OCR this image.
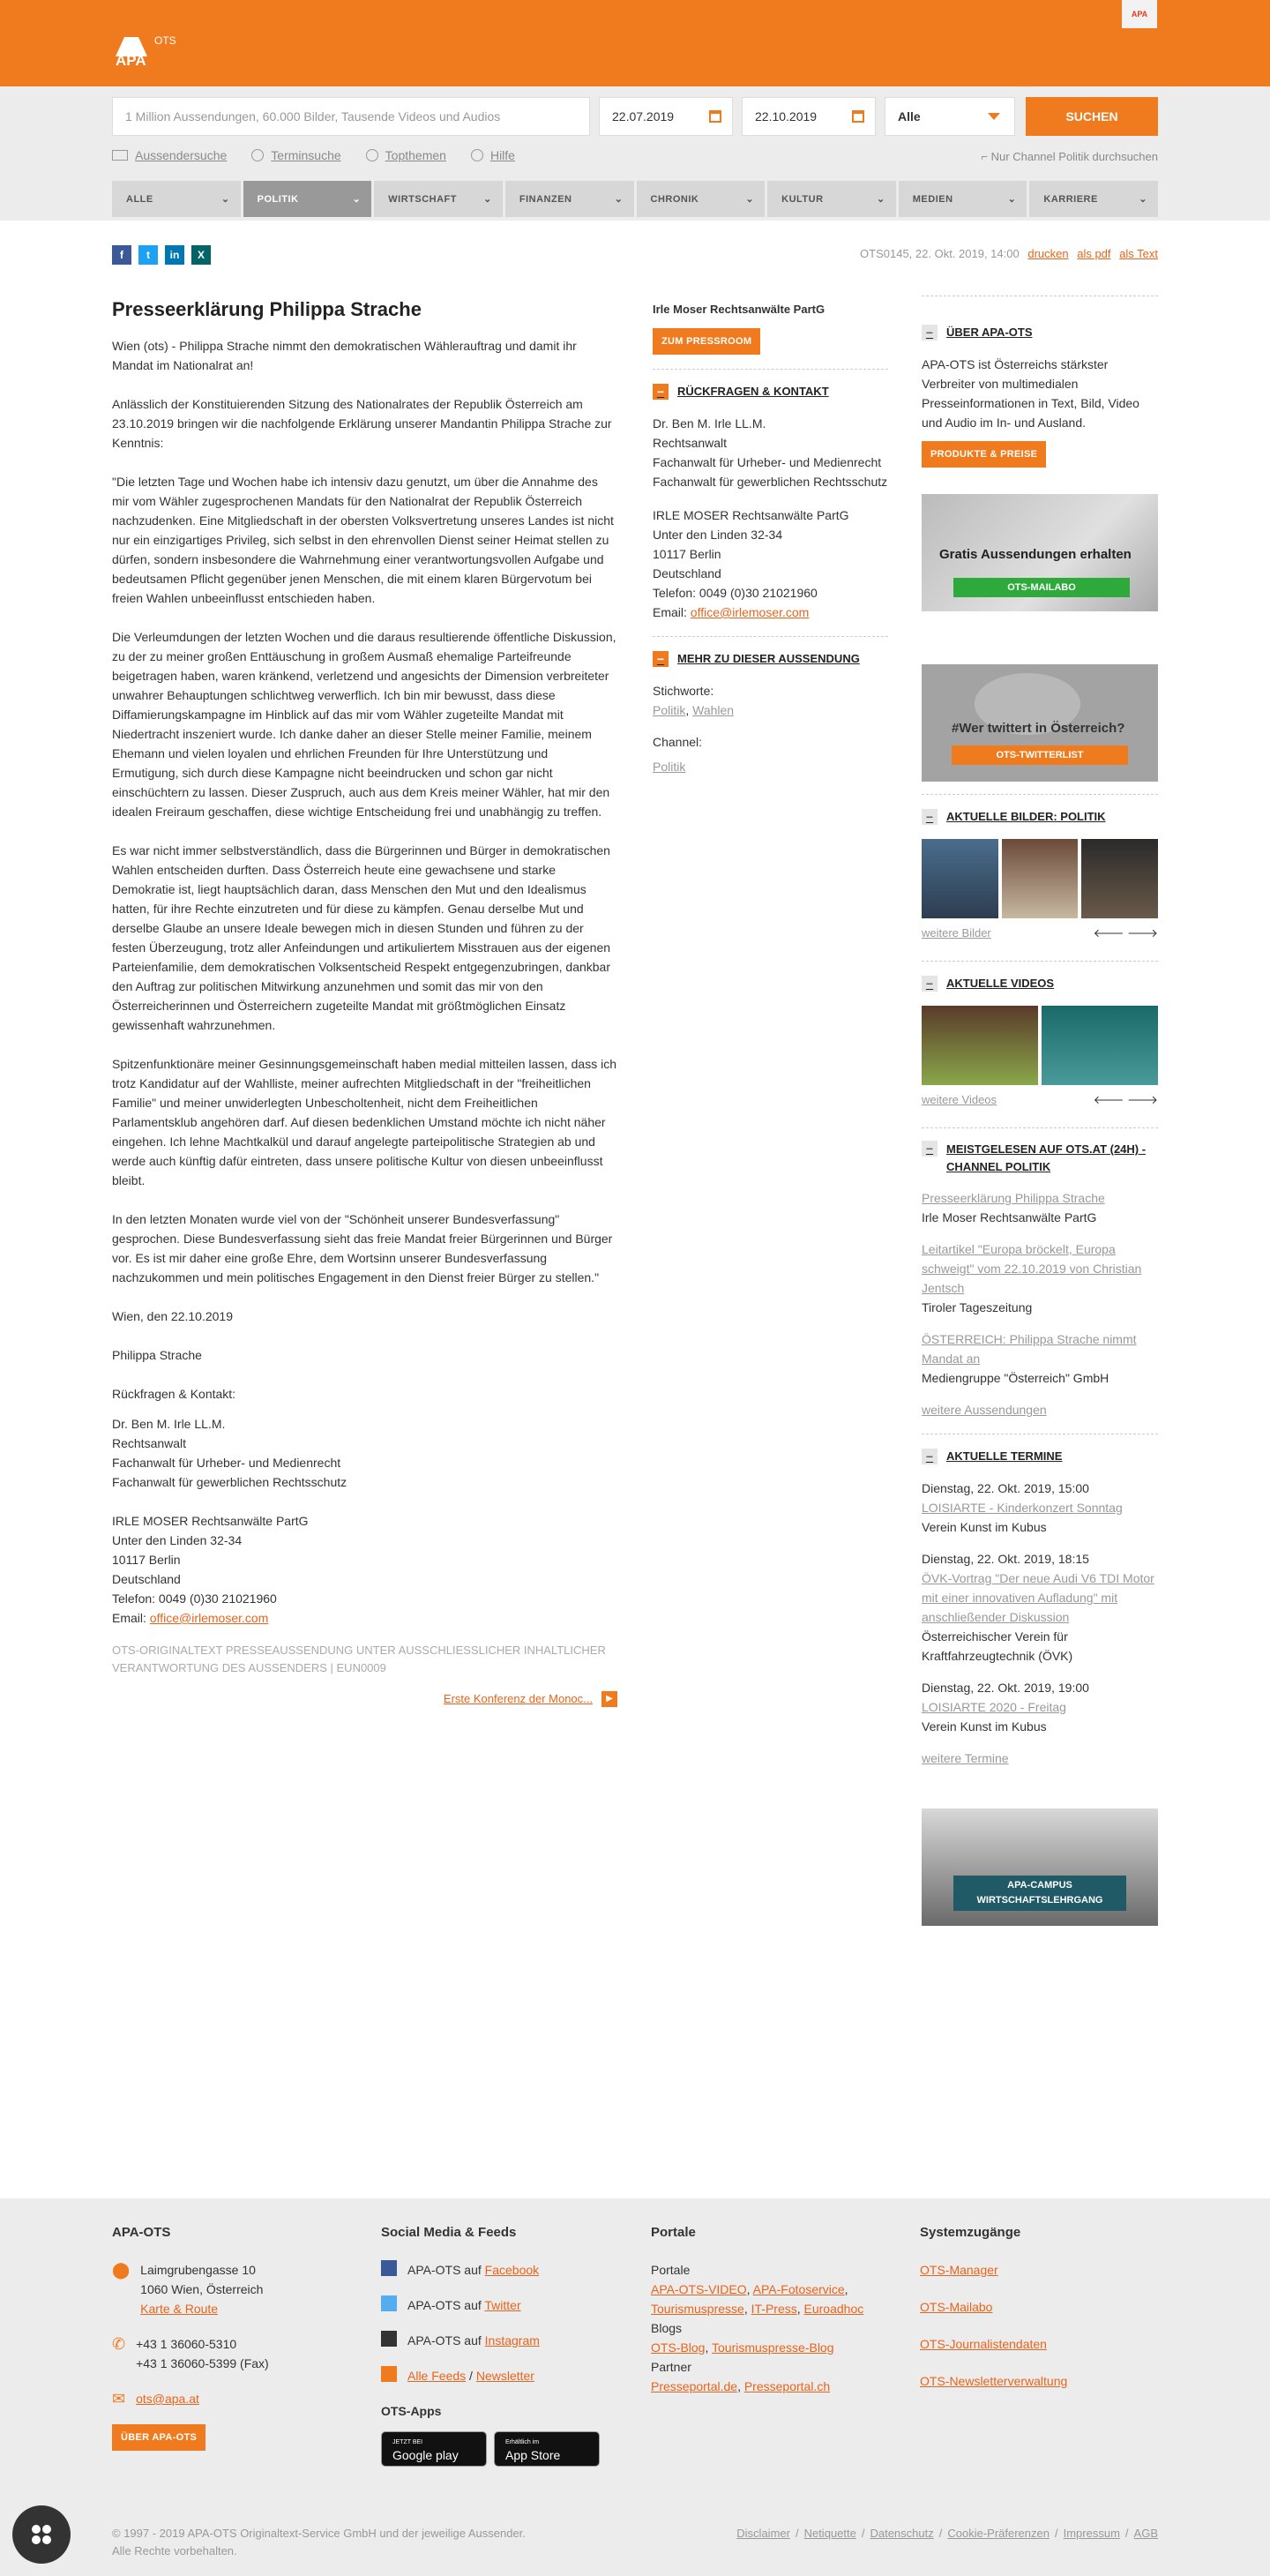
APA
OTS
APA
1 Million Aussendungen, 60.000 Bilder, Tausende Videos und Audios	22.07.2019	22.10.2019	Alle	SUCHEN
Aussendersuche	Terminsuche	Topthemen	Hilfe	⌐ Nur Channel Politik durchsuchen
ALLE	⌄	POLITIK	⌄	WIRTSCHAFT	⌄	FINANZEN	⌄	CHRONIK	⌄	KULTUR	⌄	MEDIEN	⌄	KARRIERE	⌄
f	t	in	X	OTS0145, 22. Okt. 2019, 14:00 drucken als pdf als Text
Presseerklärung Philippa Strache

Wien (ots) - Philippa Strache nimmt den demokratischen Wählerauftrag und damit ihr Mandat im Nationalrat an!

Anlässlich der Konstituierenden Sitzung des Nationalrates der Republik Österreich am 23.10.2019 bringen wir die nachfolgende Erklärung unserer Mandantin Philippa Strache zur Kenntnis:

"Die letzten Tage und Wochen habe ich intensiv dazu genutzt, um über die Annahme des mir vom Wähler zugesprochenen Mandats für den Nationalrat der Republik Österreich nachzudenken. Eine Mitgliedschaft in der obersten Volksvertretung unseres Landes ist nicht nur ein einzigartiges Privileg, sich selbst in den ehrenvollen Dienst seiner Heimat stellen zu dürfen, sondern insbesondere die Wahrnehmung einer verantwortungsvollen Aufgabe und bedeutsamen Pflicht gegenüber jenen Menschen, die mit einem klaren Bürgervotum bei freien Wahlen unbeeinflusst entschieden haben.

Die Verleumdungen der letzten Wochen und die daraus resultierende öffentliche Diskussion, zu der zu meiner großen Enttäuschung in großem Ausmaß ehemalige Parteifreunde beigetragen haben, waren kränkend, verletzend und angesichts der Dimension verbreiteter unwahrer Behauptungen schlichtweg verwerflich. Ich bin mir bewusst, dass diese Diffamierungskampagne im Hinblick auf das mir vom Wähler zugeteilte Mandat mit Niedertracht inszeniert wurde. Ich danke daher an dieser Stelle meiner Familie, meinem Ehemann und vielen loyalen und ehrlichen Freunden für Ihre Unterstützung und Ermutigung, sich durch diese Kampagne nicht beeindrucken und schon gar nicht einschüchtern zu lassen. Dieser Zuspruch, auch aus dem Kreis meiner Wähler, hat mir den idealen Freiraum geschaffen, diese wichtige Entscheidung frei und unabhängig zu treffen.

Es war nicht immer selbstverständlich, dass die Bürgerinnen und Bürger in demokratischen Wahlen entscheiden durften. Dass Österreich heute eine gewachsene und starke Demokratie ist, liegt hauptsächlich daran, dass Menschen den Mut und den Idealismus hatten, für ihre Rechte einzutreten und für diese zu kämpfen. Genau derselbe Mut und derselbe Glaube an unsere Ideale bewegen mich in diesen Stunden und führen zu der festen Überzeugung, trotz aller Anfeindungen und artikuliertem Misstrauen aus der eigenen Parteienfamilie, dem demokratischen Volksentscheid Respekt entgegenzubringen, dankbar den Auftrag zur politischen Mitwirkung anzunehmen und somit das mir von den Österreicherinnen und Österreichern zugeteilte Mandat mit größtmöglichen Einsatz gewissenhaft wahrzunehmen.

Spitzenfunktionäre meiner Gesinnungsgemeinschaft haben medial mitteilen lassen, dass ich trotz Kandidatur auf der Wahlliste, meiner aufrechten Mitgliedschaft in der "freiheitlichen Familie" und meiner unwiderlegten Unbescholtenheit, nicht dem Freiheitlichen Parlamentsklub angehören darf. Auf diesen bedenklichen Umstand möchte ich nicht näher eingehen. Ich lehne Machtkalkül und darauf angelegte parteipolitische Strategien ab und werde auch künftig dafür eintreten, dass unsere politische Kultur von diesen unbeeinflusst bleibt.

In den letzten Monaten wurde viel von der "Schönheit unserer Bundesverfassung" gesprochen. Diese Bundesverfassung sieht das freie Mandat freier Bürgerinnen und Bürger vor. Es ist mir daher eine große Ehre, dem Wortsinn unserer Bundesverfassung nachzukommen und mein politisches Engagement in den Dienst freier Bürger zu stellen."

Wien, den 22.10.2019

Philippa Strache

Rückfragen & Kontakt:

Dr. Ben M. Irle LL.M.
Rechtsanwalt
Fachanwalt für Urheber- und Medienrecht
Fachanwalt für gewerblichen Rechtsschutz
IRLE MOSER Rechtsanwälte PartG
Unter den Linden 32-34
10117 Berlin
Deutschland
Telefon: 0049 (0)30 21021960
Email: office@irlemoser.com
OTS-ORIGINALTEXT PRESSEAUSSENDUNG UNTER AUSSCHLIESSLICHER INHALTLICHER VERANTWORTUNG DES AUSSENDERS | EUN0009
Erste Konferenz der Monoc...	▶
Irle Moser Rechtsanwälte PartG
ZUM PRESSROOM
−	RÜCKFRAGEN & KONTAKT
Dr. Ben M. Irle LL.M.
Rechtsanwalt
Fachanwalt für Urheber- und Medienrecht
Fachanwalt für gewerblichen Rechtsschutz
IRLE MOSER Rechtsanwälte PartG
Unter den Linden 32-34
10117 Berlin
Deutschland
Telefon: 0049 (0)30 21021960
Email: office@irlemoser.com
−	MEHR ZU DIESER AUSSENDUNG
Stichworte:
Politik, Wahlen
Channel:
Politik
−	ÜBER APA-OTS
APA-OTS ist Österreichs stärkster Verbreiter von multimedialen Presseinformationen in Text, Bild, Video und Audio im In- und Ausland.
PRODUKTE & PREISE
Gratis Aussendungen erhalten
OTS-MAILABO
#Wer twittert in Österreich?
OTS-TWITTERLIST
−	AKTUELLE BILDER: POLITIK
weitere Bilder	🡐 🡒
−	AKTUELLE VIDEOS
weitere Videos	🡐 🡒
−	MEISTGELESEN AUF OTS.AT (24H) - CHANNEL POLITIK
Presseerklärung Philippa Strache
Irle Moser Rechtsanwälte PartG
Leitartikel "Europa bröckelt, Europa schweigt" vom 22.10.2019 von Christian Jentsch
Tiroler Tageszeitung
ÖSTERREICH: Philippa Strache nimmt Mandat an
Mediengruppe "Österreich" GmbH
weitere Aussendungen
−	AKTUELLE TERMINE
Dienstag, 22. Okt. 2019, 15:00
LOISIARTE - Kinderkonzert Sonntag
Verein Kunst im Kubus
Dienstag, 22. Okt. 2019, 18:15
ÖVK-Vortrag "Der neue Audi V6 TDI Motor mit einer innovativen Aufladung" mit anschließender Diskussion
Österreichischer Verein für Kraftfahrzeugtechnik (ÖVK)
Dienstag, 22. Okt. 2019, 19:00
LOISIARTE 2020 - Freitag
Verein Kunst im Kubus
weitere Termine
APA-CAMPUS
WIRTSCHAFTSLEHRGANG
APA-OTS
⬤ Laimgrubengasse 10
1060 Wien, Österreich
Karte & Route
✆ +43 1 36060-5310
+43 1 36060-5399 (Fax)
✉ ots@apa.at
ÜBER APA-OTS
Social Media & Feeds
APA-OTS auf Facebook
APA-OTS auf Twitter
APA-OTS auf Instagram
Alle Feeds / Newsletter
OTS-Apps
JETZT BEI
Google play
Erhältlich im
App Store
Portale
Portale
APA-OTS-VIDEO, APA-Fotoservice,
Tourismuspresse, IT-Press, Euroadhoc
Blogs
OTS-Blog, Tourismuspresse-Blog
Partner
Presseportal.de, Presseportal.ch
Systemzugänge
OTS-Manager
OTS-Mailabo
OTS-Journalistendaten
OTS-Newsletterverwaltung
© 1997 - 2019 APA-OTS Originaltext-Service GmbH und der jeweilige Aussender.
Alle Rechte vorbehalten.
Disclaimer / Netiquette / Datenschutz / Cookie-Präferenzen / Impressum / AGB
